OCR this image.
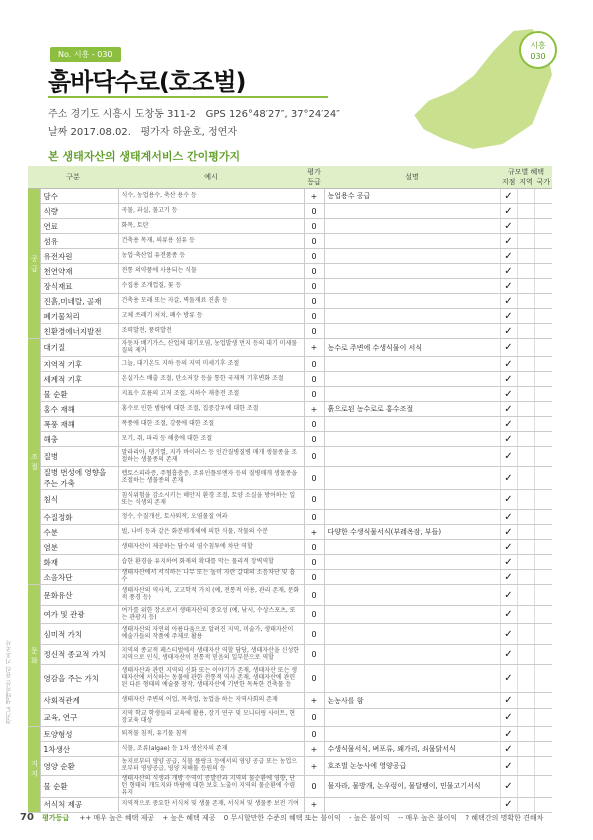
No. 시흥 - 030
흙바닥수로(호조벌)
주소 경기도 시흥시 도창동 311-2 GPS 126°48′27″, 37°24′24″
날짜 2017.08.02. 평가자 하윤호, 정연자
시흥
030
본 생태자산의 생태계서비스 간이평가지
구분		예시	평가등급	설명	규모별 혜택
지점 지역 국가		

공급	담수	식수, 농업용수, 축산 용수 등	+	농업용수 공급	✓		
	식량	곡물, 과실, 물고기 등	0		✓		
	연료	화목, 토탄	0		✓		
	섬유	건축용 목재, 의류용 섬유 등	0		✓		
	유전자원	농업·축산업 유전품종 등	0		✓		
	천연약재	전통 의약품에 사용되는 식물	0		✓		
	장식재료	수집용 조개껍질, 꽃 등	0		✓		
	진흙,미네랄, 골재	건축용 모래 또는 자갈, 벽돌재료 진흙 등	0		✓		
	폐기물처리	고체 쓰레기 처치, 폐수 방류 등	0		✓		
	친환경에너지발전	조력발전, 풍력발전	0		✓		
조절	대기질	자동차 배기가스, 산업체 대기오염, 농업발생 먼지 등의 대기 미세물질의 제거	+	농수로 주변에 수생식물이 서식	✓		
	지역적 기후	그늘, 대기온도 지하 등의 지역 미세기후 조절	0		✓		
	세계적 기후	온실가스 배출 조절, 탄소저장 등을 통한 국제적 기후변화 조절	0		✓		
	물 순환	지표수 흐름의 고저 조절, 지하수 재충전 조절	0		✓		
	홍수 재해	홍수로 인한 범람에 대한 조절, 집중강우에 대한 조절	+	흙으로된 농수로로 홍수조절	✓		
	폭풍 재해	폭풍에 대한 조절, 강풍에 대한 조절	0		✓		
	해충	모기, 쥐, 파리 등 해충에 대한 조절	0		✓		
	질병	말라리아, 댕기열, 지카 바이러스 등 인간질병질병 매개 생물종을 조절하는 생물종의 존재	0		✓		
	질병 번성에 영향을 주는 가축	렙토스피라증, 주혈흡충증, 조류인플루엔자 등의 질병매개 생물종을 조절하는 생물종의 존재	0		✓		
	침식	침식위험을 감소시키는 해안지 환경 조절, 토양 소실을 방어하는 일또는 식생의 존재	0		✓		
	수질정화	정수, 수질개선, 토사퇴적, 오염물질 여과	0		✓		
	수분	벌, 나비 등과 같은 화분매개체에 의한 식물, 작물의 수분	+	다양한 수생식물서식(부레옥잠, 부들)	✓		
	염분	생태자산이 제공하는 담수의 염수침투에 차단 역할	0		✓		
	화재	습한 환경을 유지하여 화재의 확대를 막는 물리적 장벽역할	0		✓		
	소음차단	생태자산에서 서식하는 나무 또는 높이 자란 갈대의 소음차단 및 흡수	0		✓		
문화	문화유산	생태자산의 역사적, 고고학적 가치 (예, 전통적 이용, 관리 존재, 문화적 풍경 등)	0		✓		
	여가 및 관광	여가를 위한 장소로서 생태자산의 중요성 (예, 낚시, 수상스포츠, 또는 관광지 등)	0		✓		
	심미적 가치	생태자산의 자연의 아름다움으로 알려진 지역, 미술가, 생태자산이 예술가들의 작품에 주제로 활용	0		✓		
	정신적 종교적 가치	지역의 종교적 페스티벌에서 생태자산 역할 담당, 생태자산을 신성한 지역으로 인식, 생태자산이 전통적 믿음의 일부분으로 역할	0		✓		
	영감을 주는 가치	생태자산과 관련 지역의 신화 또는 이야기가 존재, 생태자산 또는 생태자산에 서식하는 동물에 관한 전통적 역사 존재, 생태자산에 관련된 다른 형태의 예술품 창작, 생태자산에 기반한 독특한 건축물 등	0		✓		
	사회적관계	생태자산 주변의 어업, 목축업, 농업을 하는 지역사회의 존재	+	논농사를 함	✓		
	교육, 연구	지역 학교 학생들의 교육에 활용, 장기 연구 및 모니터링 사이트, 현장교육 대상	0		✓		
지지	토양형성	퇴적물 침적, 유기물 침적	0		✓		
	1차생산	식물, 조류(algae) 등 1차 생산자의 존재	+	수생식물서식, 벼포류, 왜가리, 쇠물닭서식	✓		
	영양 순환	농지로부터 영양 공급, 식물 플랑크 등에서의 영양 공급 또는 농업으로부터 영양공급, 영양 저해물 등원의 등	+	호조벌 논농사에 영양공급	✓		
	물 순환	생태자산의 식생과 개방 수역이 증발산과 지역의 물순환에 영향, 단턴 형태의 개도지와 바람에 대한 보호 노출이 지역의 물순환에 수렴 유지	0	물자라, 물방개, 논우렁이, 물달팽이, 민물고기서식	✓		
	서식처 제공	지역적으로 중요한 서식처 및 생물 존재, 서식처 및 생물종 보전 기여	+		✓		
경기도 생태자산 관리 기초조사
70 평가등급 ++ 매우 높은 혜택 제공 + 높은 혜택 제공 0 무시할만한 수준의 혜택 또는 불이익 - 높은 불이익 -- 매우 높은 불이익 ? 혜택간의 명확한 견해차
